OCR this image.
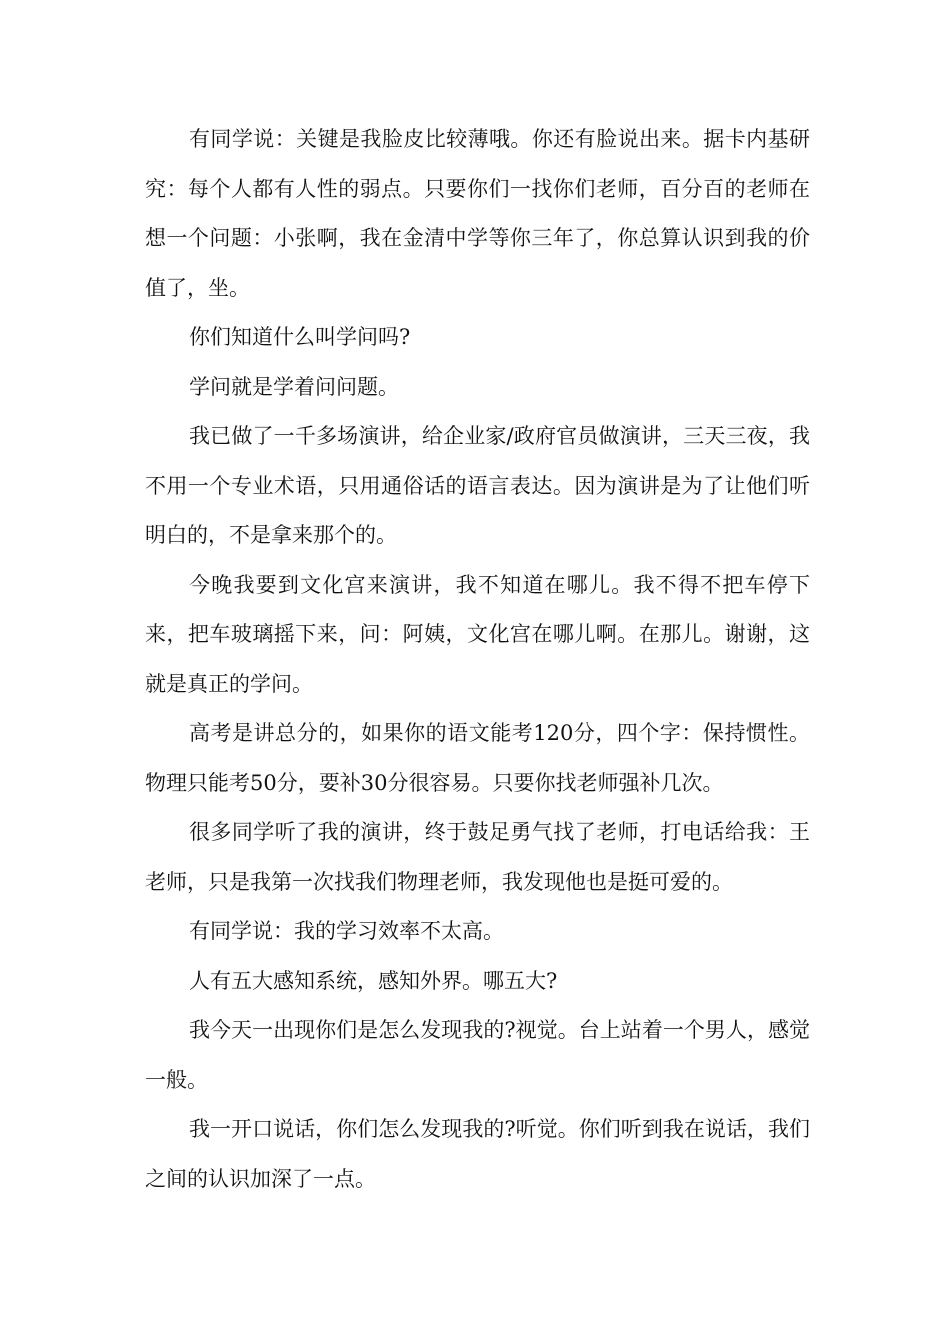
有同学说：关键是我脸皮比较薄哦。你还有脸说出来。据卡内基研究：每个人都有人性的弱点。只要你们一找你们老师，百分百的老师在想一个问题：小张啊，我在金清中学等你三年了，你总算认识到我的价值了，坐。

你们知道什么叫学问吗?

学问就是学着问问题。

我已做了一千多场演讲，给企业家/政府官员做演讲，三天三夜，我不用一个专业术语，只用通俗话的语言表达。因为演讲是为了让他们听明白的，不是拿来那个的。

今晚我要到文化宫来演讲，我不知道在哪儿。我不得不把车停下来，把车玻璃摇下来，问：阿姨，文化宫在哪儿啊。在那儿。谢谢，这就是真正的学问。

高考是讲总分的，如果你的语文能考120分，四个字：保持惯性。物理只能考50分，要补30分很容易。只要你找老师强补几次。

很多同学听了我的演讲，终于鼓足勇气找了老师，打电话给我：王老师，只是我第一次找我们物理老师，我发现他也是挺可爱的。

有同学说：我的学习效率不太高。

人有五大感知系统，感知外界。哪五大?

我今天一出现你们是怎么发现我的?视觉。台上站着一个男人，感觉一般。

我一开口说话，你们怎么发现我的?听觉。你们听到我在说话，我们之间的认识加深了一点。
